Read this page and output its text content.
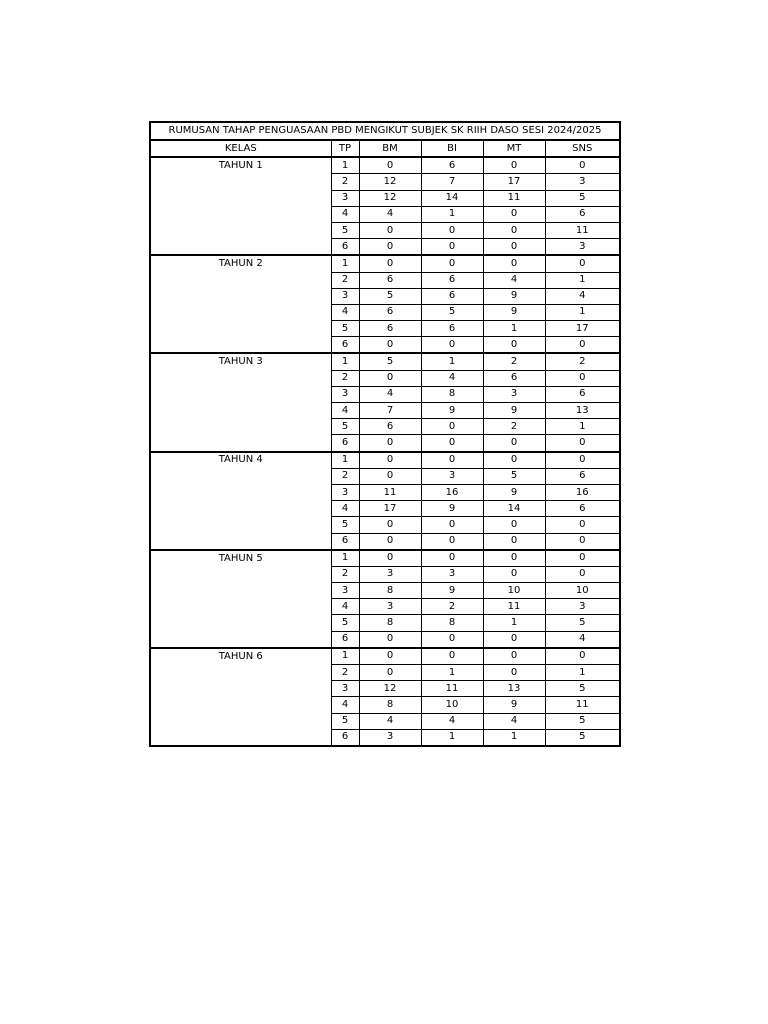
RUMUSAN TAHAP PENGUASAAN PBD MENGIKUT SUBJEK SK RIIH DASO SESI 2024/2025					
KELAS	TP	BM	BI	MT	SNS
TAHUN 1	1	0	6	0	0
	2	12	7	17	3
	3	12	14	11	5
	4	4	1	0	6
	5	0	0	0	11
	6	0	0	0	3
TAHUN 2	1	0	0	0	0
	2	6	6	4	1
	3	5	6	9	4
	4	6	5	9	1
	5	6	6	1	17
	6	0	0	0	0
TAHUN 3	1	5	1	2	2
	2	0	4	6	0
	3	4	8	3	6
	4	7	9	9	13
	5	6	0	2	1
	6	0	0	0	0
TAHUN 4	1	0	0	0	0
	2	0	3	5	6
	3	11	16	9	16
	4	17	9	14	6
	5	0	0	0	0
	6	0	0	0	0
TAHUN 5	1	0	0	0	0
	2	3	3	0	0
	3	8	9	10	10
	4	3	2	11	3
	5	8	8	1	5
	6	0	0	0	4
TAHUN 6	1	0	0	0	0
	2	0	1	0	1
	3	12	11	13	5
	4	8	10	9	11
	5	4	4	4	5
	6	3	1	1	5
